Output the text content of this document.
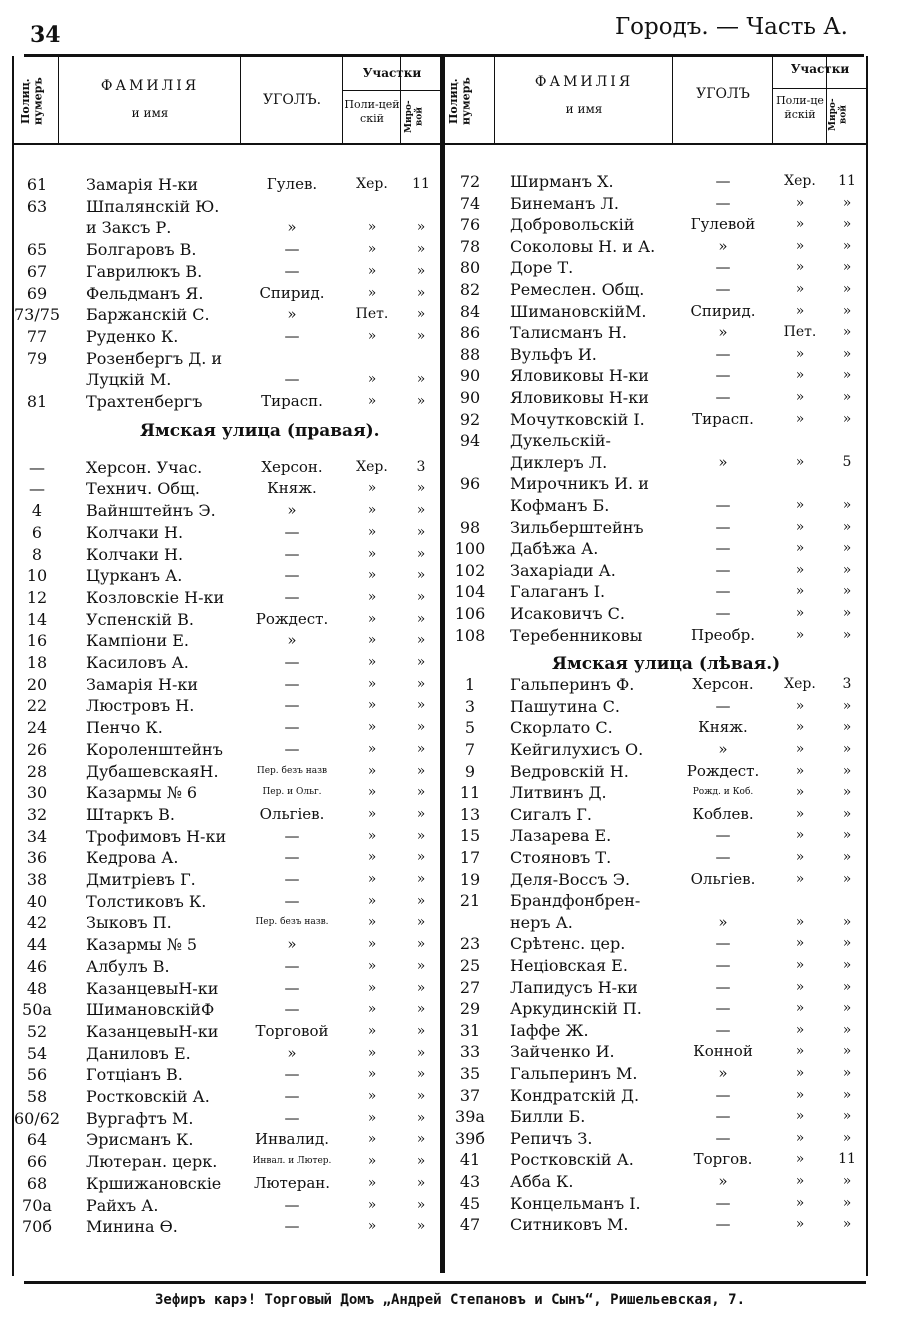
34	Городъ. — Часть А.
Полиц. нумеръ	ФАМИЛІЯ
и имя
УГОЛЪ.
Участки
Поли-цейскій	Миро-вой	Полиц. нумеръ	ФАМИЛІЯ
и имя
УГОЛЪ
Участки
Поли-цейскій	Миро-вой
61	Замарія Н-ки	Гулев.	Хер.	11
63	Шпалянскій Ю.
и Заксъ Р.	»	»	»
65	Болгаровъ В.	—	»	»
67	Гаврилюкъ В.	—	»	»
69	Фельдманъ Я.	Спирид.	»	»
73/75 Баржанскій С.	»	Пет.	»
77	Руденко К.	—	»	»
79	Розенбергъ Д. и
Луцкій М.	—	»	»
81	Трахтенбергъ	Тирасп.	»	»
Ямская улица (правая).
—	Херсон. Учас.	Херсон.	Хер.	3
—	Технич. Общ.	Княж.	»	»
4	Вайнштейнъ Э.	»	»	»
6	Колчаки Н.	—	»	»
8	Колчаки Н.	—	»	»
10	Цурканъ А.	—	»	»
12	Козловскіе Н-ки	—	»	»
14	Успенскій В.	Рождест.	»	»
16	Кампіони Е.	»	»	»
18	Касиловъ А.	—	»	»
20	Замарія Н-ки	—	»	»
22	Люстровъ Н.	—	»	»
24	Пенчо К.	—	»	»
26	Короленштейнъ	—	»	»
28	ДубашевскаяН.	Пер. безъ назв	»	»
30	Казармы № 6	Пер. и Ольг.	»	»
32	Штаркъ В.	Ольгіев.	»	»
34	Трофимовъ Н-ки	—	»	»
36	Кедрова А.	—	»	»
38	Дмитріевъ Г.	—	»	»
40	Толстиковъ К.	—	»	»
42	Зыковъ П.	Пер. безъ назв.	»	»
44	Казармы № 5	»	»	»
46	Албулъ В.	—	»	»
48	КазанцевыН-ки	—	»	»
50а	ШимановскійФ	—	»	»
52	КазанцевыН-ки	Торговой	»	»
54	Даниловъ Е.	»	»	»
56	Готціанъ В.	—	»	»
58	Ростковскій А.	—	»	»
60/62 Вургафтъ М.	—	»	»
64	Эрисманъ К.	Инвалид.	»	»
66	Лютеран. церк.	Инвал. и Лютер.	»	»
68	Кршижановскіе	Лютеран.	»	»
70а	Райхъ А.	—	»	»
70б	Минина Ѳ.	—	»	»
72	Ширманъ Х.	—	Хер.	11
74	Бинеманъ Л.	—	»	»
76	Добровольскій	Гулевой	»	»
78	Соколовы Н. и А.	»	»	»
80	Доре Т.	—	»	»
82	Ремеслен. Общ.	—	»	»
84	ШимановскійМ.	Спирид.	»	»
86	Талисманъ Н.	»	Пет.	»
88	Вульфъ И.	—	»	»
90	Яловиковы Н-ки	—	»	»
90	Яловиковы Н-ки	—	»	»
92	Мочутковскій І.	Тирасп.	»	»
94	Дукельскій-
Диклеръ Л.	»	»	5
96	Мирочникъ И. и
Кофманъ Б.	—	»	»
98	Зильберштейнъ	—	»	»
100	Дабѣжа А.	—	»	»
102	Захаріади А.	—	»	»
104	Галаганъ І.	—	»	»
106	Исаковичъ С.	—	»	»
108	Теребенниковы	Преобр.	»	»
Ямская улица (лѣвая.)
1	Гальперинъ Ф.	Херсон.	Хер.	3
3	Пашутина С.	—	»	»
5	Скорлато С.	Княж.	»	»
7	Кейгилухисъ О.	»	»	»
9	Ведровскій Н.	Рождест.	»	»
11	Литвинъ Д.	Рожд. и Коб.	»	»
13	Сигалъ Г.	Коблев.	»	»
15	Лазарева Е.	—	»	»
17	Стояновъ Т.	—	»	»
19	Деля-Воссъ Э.	Ольгіев.	»	»
21	Брандфонбрен-
неръ А.	»	»	»
23	Срѣтенс. цер.	—	»	»
25	Неціовская Е.	—	»	»
27	Лапидусъ Н-ки	—	»	»
29	Аркудинскій П.	—	»	»
31	Іаффе Ж.	—	»	»
33	Зайченко И.	Конной	»	»
35	Гальперинъ М.	»	»	»
37	Кондратскій Д.	—	»	»
39а	Билли Б.	—	»	»
39б	Репичъ З.	—	»	»
41	Ростковскій А.	Торгов.	»	11
43	Абба К.	»	»	»
45	Концельманъ І.	—	»	»
47	Ситниковъ М.	—	»	»
Зефиръ карэ! Торговый Домъ „Андрей Степановъ и Сынъ“, Ришельевская, 7.
